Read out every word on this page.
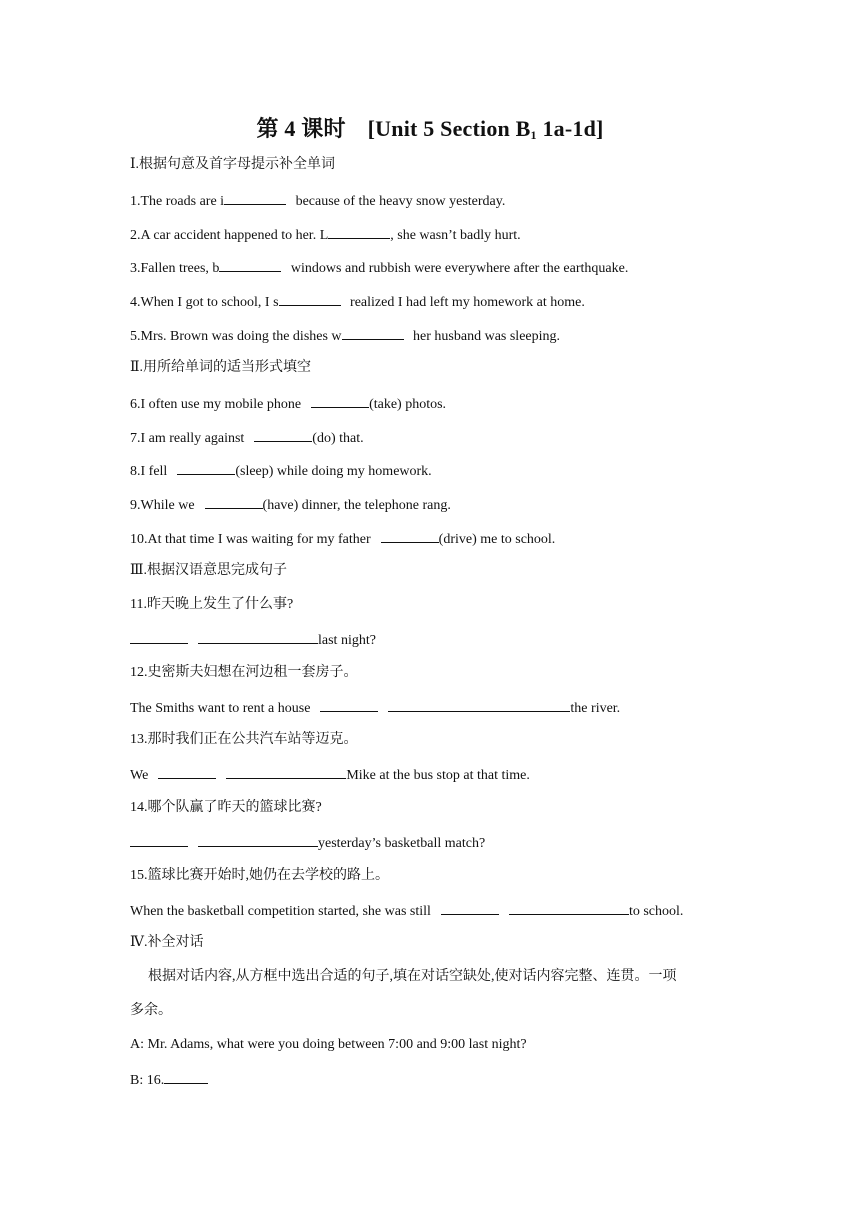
第 4 课时 [Unit 5 Section $B_1$ 1a-1d]
Ⅰ.根据句意及首字母提示补全单词
1.The roads are i	because of the heavy snow yesterday.
2.A car accident happened to her. L	, she wasn’t badly hurt.
3.Fallen trees, b	windows and rubbish were everywhere after the earthquake.
4.When I got to school, I s	realized I had left my homework at home.
5.Mrs. Brown was doing the dishes w	her husband was sleeping.
Ⅱ.用所给单词的适当形式填空
6.I often use my mobile phone	(take) photos.
7.I am really against	(do) that.
8.I fell	(sleep) while doing my homework.
9.While we	(have) dinner, the telephone rang.
10.At that time I was waiting for my father	(drive) me to school.
Ⅲ.根据汉语意思完成句子
11.昨天晚上发生了什么事?
last night?
12.史密斯夫妇想在河边租一套房子。
The Smiths want to rent a house	the river.
13.那时我们正在公共汽车站等迈克。
We	Mike at the bus stop at that time.
14.哪个队赢了昨天的篮球比赛?
yesterday’s basketball match?
15.篮球比赛开始时,她仍在去学校的路上。
When the basketball competition started, she was still	to school.
Ⅳ.补全对话
根据对话内容,从方框中选出合适的句子,填在对话空缺处,使对话内容完整、连贯。一项
多余。
A: Mr. Adams, what were you doing between 7:00 and 9:00 last night?
B: 16.
